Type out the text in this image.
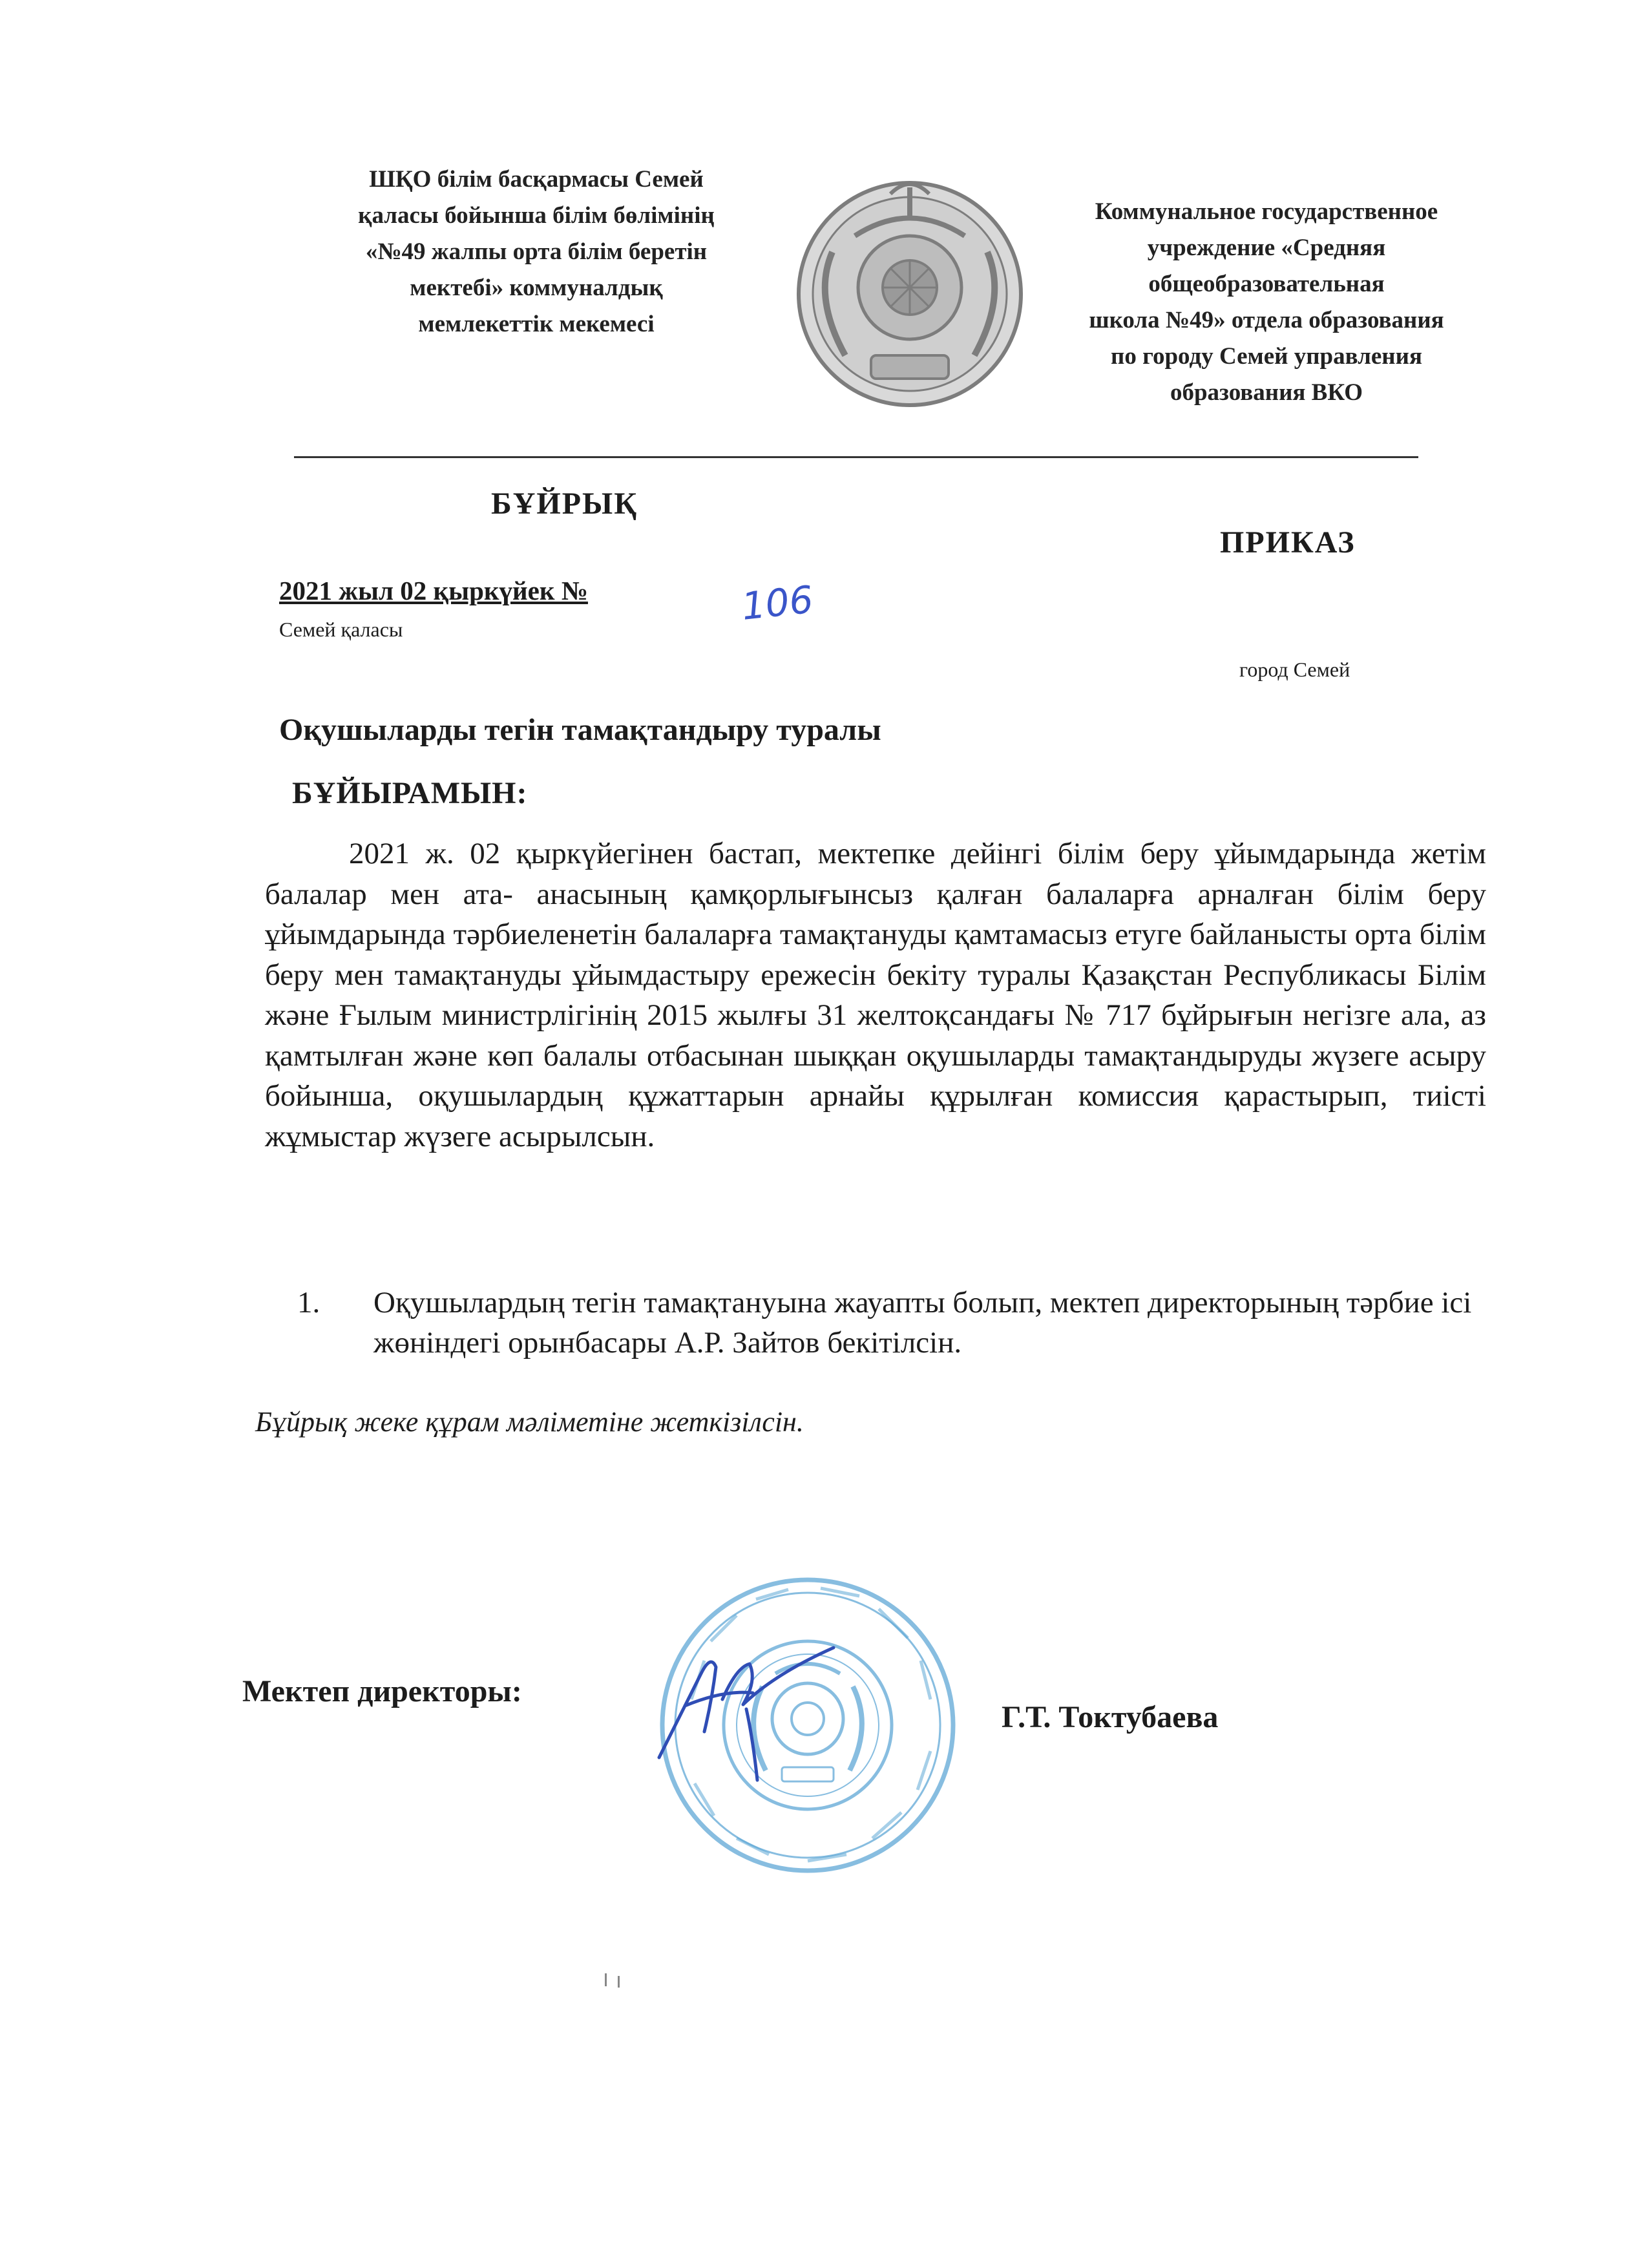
ШҚО білім басқармасы Семей
қаласы бойынша білім бөлімінің
«№49 жалпы орта білім беретін
мектебі» коммуналдық
мемлекеттік мекемесі
Коммунальное государственное
учреждение «Средняя
общеобразовательная
школа №49» отдела образования
по городу Семей управления
образования ВКО
БҰЙРЫҚ
ПРИКАЗ
2021 жыл 02 қыркүйек №	106
Семей қаласы
город Семей
Оқушыларды тегін тамақтандыру туралы
БҰЙЫРАМЫН:

2021 ж. 02 қыркүйегінен бастап, мектепке дейінгі білім беру ұйымдарында жетім балалар мен ата- анасының қамқорлығынсыз қалған балаларға арналған білім беру ұйымдарында тәрбиеленетін балаларға тамақтануды қамтамасыз етуге байланысты орта білім беру мен тамақтануды ұйымдастыру ережесін бекіту туралы Қазақстан Республикасы Білім және Ғылым министрлігінің 2015 жылғы 31 желтоқсандағы № 717 бұйрығын негізге ала, аз қамтылған және көп балалы отбасынан шыққан оқушыларды тамақтандыруды жүзеге асыру бойынша, оқушылардың құжаттарын арнайы құрылған комиссия қарастырып, тиісті жұмыстар жүзеге асырылсын.

1. Оқушылардың тегін тамақтануына жауапты болып, мектеп директорының тәрбие ісі жөніндегі орынбасары А.Р. Зайтов бекітілсін.
Бұйрық жеке құрам мәліметіне жеткізілсін.
Мектеп директоры:
Г.Т. Токтубаева
